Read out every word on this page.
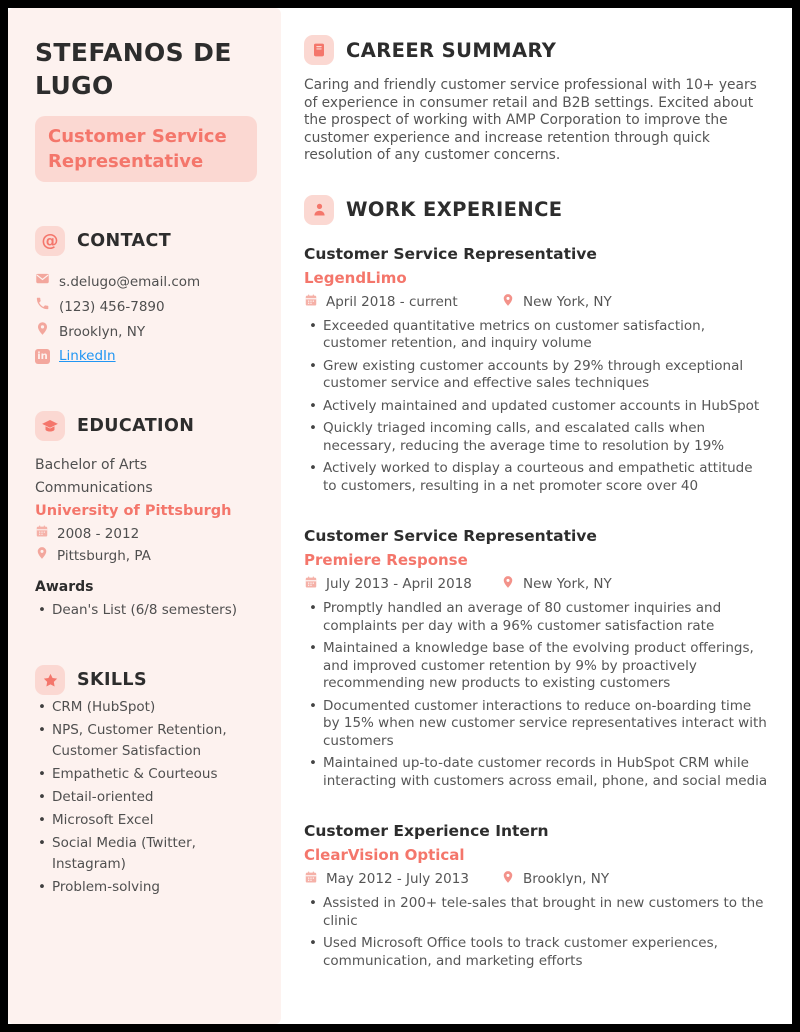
STEFANOS DE LUGO
Customer Service Representative
@ CONTACT
s.delugo@email.com
(123) 456-7890
Brooklyn, NY
in LinkedIn
EDUCATION
Bachelor of Arts
Communications
University of Pittsburgh
2008 - 2012
Pittsburgh, PA
Awards
• Dean's List (6/8 semesters)
SKILLS
• CRM (HubSpot)
• NPS, Customer Retention, Customer Satisfaction
• Empathetic & Courteous
• Detail-oriented
• Microsoft Excel
• Social Media (Twitter, Instagram)
• Problem-solving
CAREER SUMMARY

Caring and friendly customer service professional with 10+ years of experience in consumer retail and B2B settings. Excited about the prospect of working with AMP Corporation to improve the customer experience and increase retention through quick resolution of any customer concerns.

WORK EXPERIENCE
Customer Service Representative
LegendLimo
April 2018 - current	New York, NY
• Exceeded quantitative metrics on customer satisfaction, customer retention, and inquiry volume
• Grew existing customer accounts by 29% through exceptional customer service and effective sales techniques
• Actively maintained and updated customer accounts in HubSpot
• Quickly triaged incoming calls, and escalated calls when necessary, reducing the average time to resolution by 19%
• Actively worked to display a courteous and empathetic attitude to customers, resulting in a net promoter score over 40
Customer Service Representative
Premiere Response
July 2013 - April 2018	New York, NY
• Promptly handled an average of 80 customer inquiries and complaints per day with a 96% customer satisfaction rate
• Maintained a knowledge base of the evolving product offerings, and improved customer retention by 9% by proactively recommending new products to existing customers
• Documented customer interactions to reduce on-boarding time by 15% when new customer service representatives interact with customers
• Maintained up-to-date customer records in HubSpot CRM while interacting with customers across email, phone, and social media
Customer Experience Intern
ClearVision Optical
May 2012 - July 2013	Brooklyn, NY
• Assisted in 200+ tele-sales that brought in new customers to the clinic
• Used Microsoft Office tools to track customer experiences, communication, and marketing efforts
